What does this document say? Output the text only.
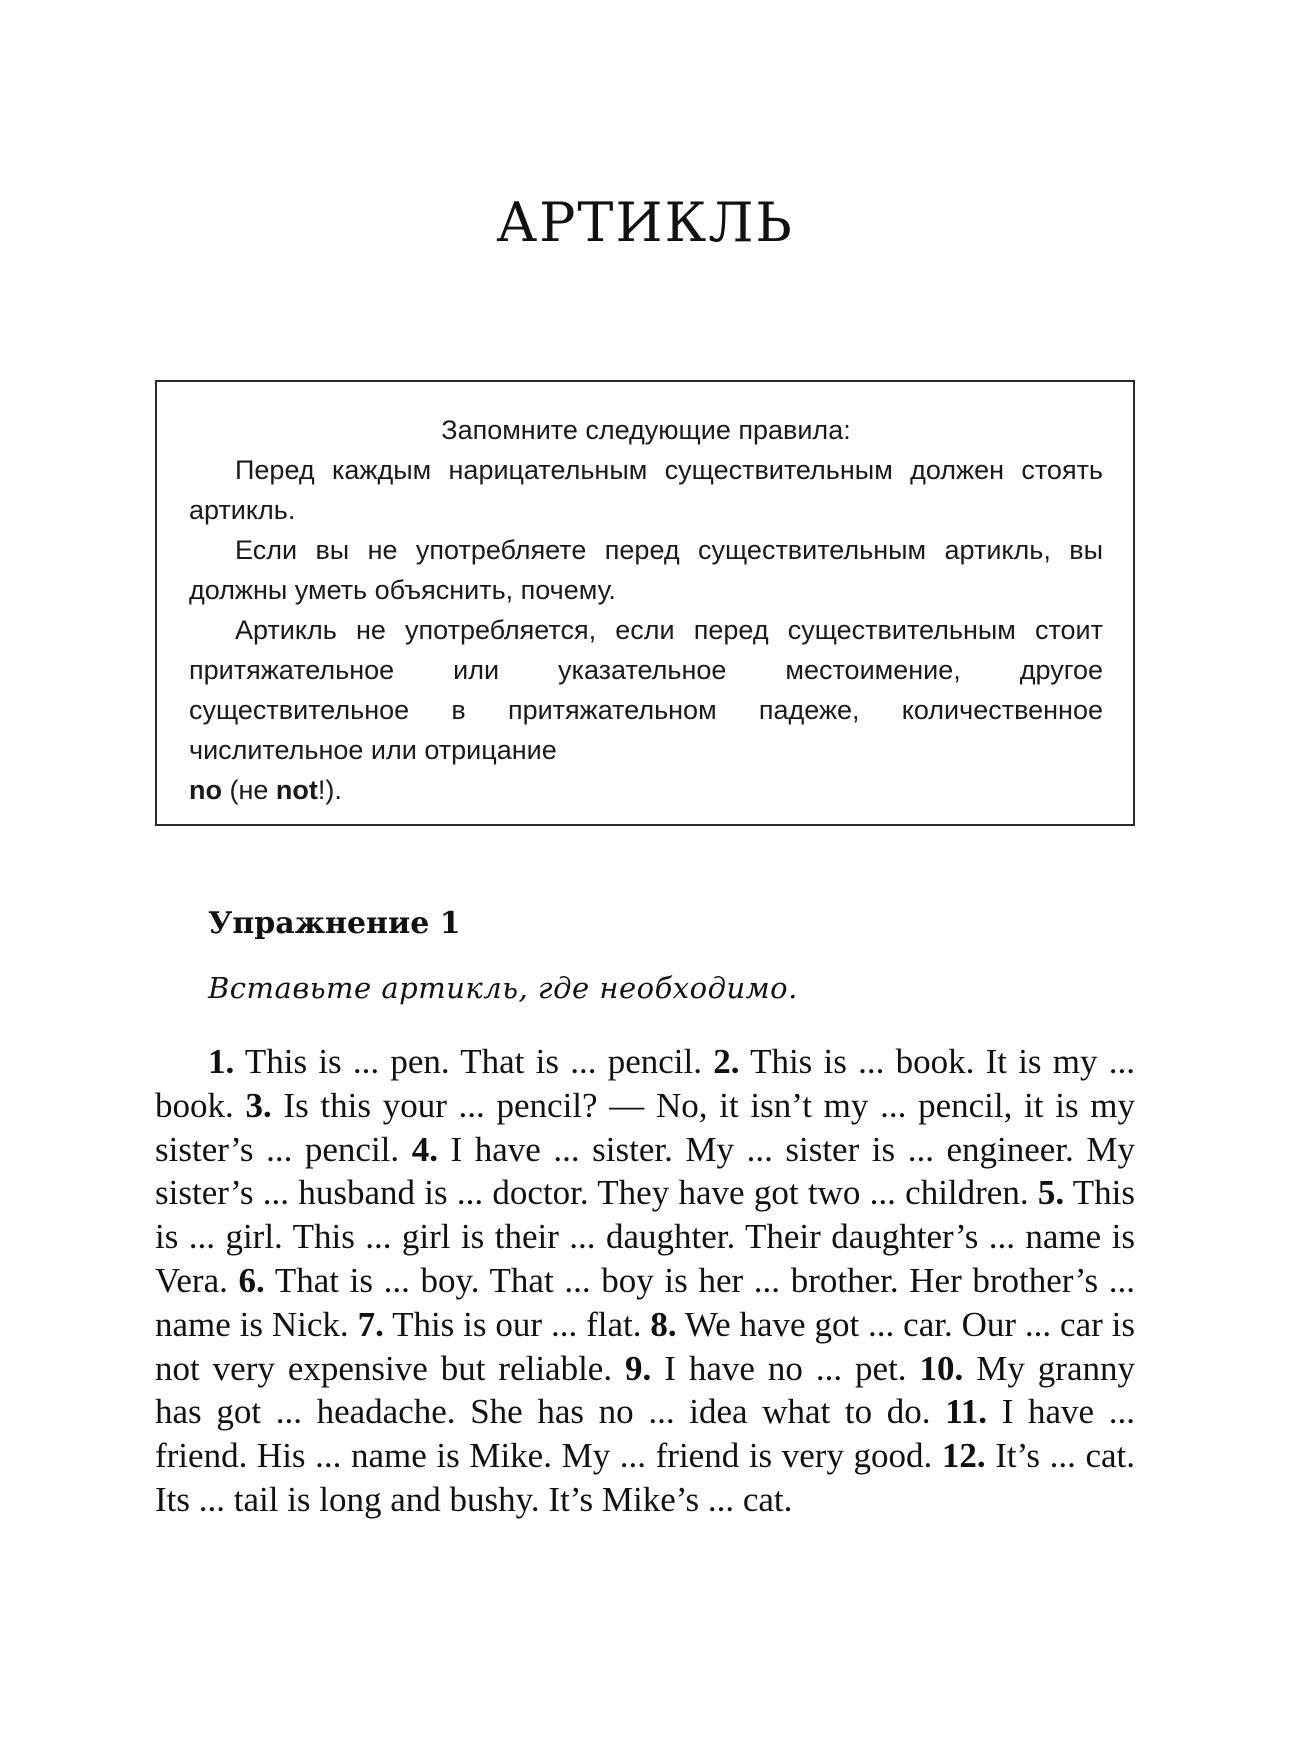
АРТИКЛЬ

Запомните следующие правила:

Перед каждым нарицательным существительным должен стоять артикль.

Если вы не употребляете перед существительным артикль, вы должны уметь объяснить, почему.

Артикль не употребляется, если перед существительным стоит притяжательное или указательное местоимение, другое существительное в притяжательном падеже, количественное числительное или отрицание
no (не not!).

Упражнение 1

Вставьте артикль, где необходимо.

1. This is ... pen. That is ... pencil. 2. This is ... book. It is my ... book. 3. Is this your ... pencil? — No, it isn’t my ... pencil, it is my sister’s ... pencil. 4. I have ... sister. My ... sister is ... engineer. My sister’s ... husband is ... doctor. They have got two ... children. 5. This is ... girl. This ... girl is their ... daughter. Their daughter’s ... name is Vera. 6. That is ... boy. That ... boy is her ... brother. Her brother’s ... name is Nick. 7. This is our ... flat. 8. We have got ... car. Our ... car is not very expensive but reliable. 9. I have no ... pet. 10. My granny has got ... headache. She has no ... idea what to do. 11. I have ... friend. His ... name is Mike. My ... friend is very good. 12. It’s ... cat. Its ... tail is long and bushy. It’s Mike’s ... cat.
